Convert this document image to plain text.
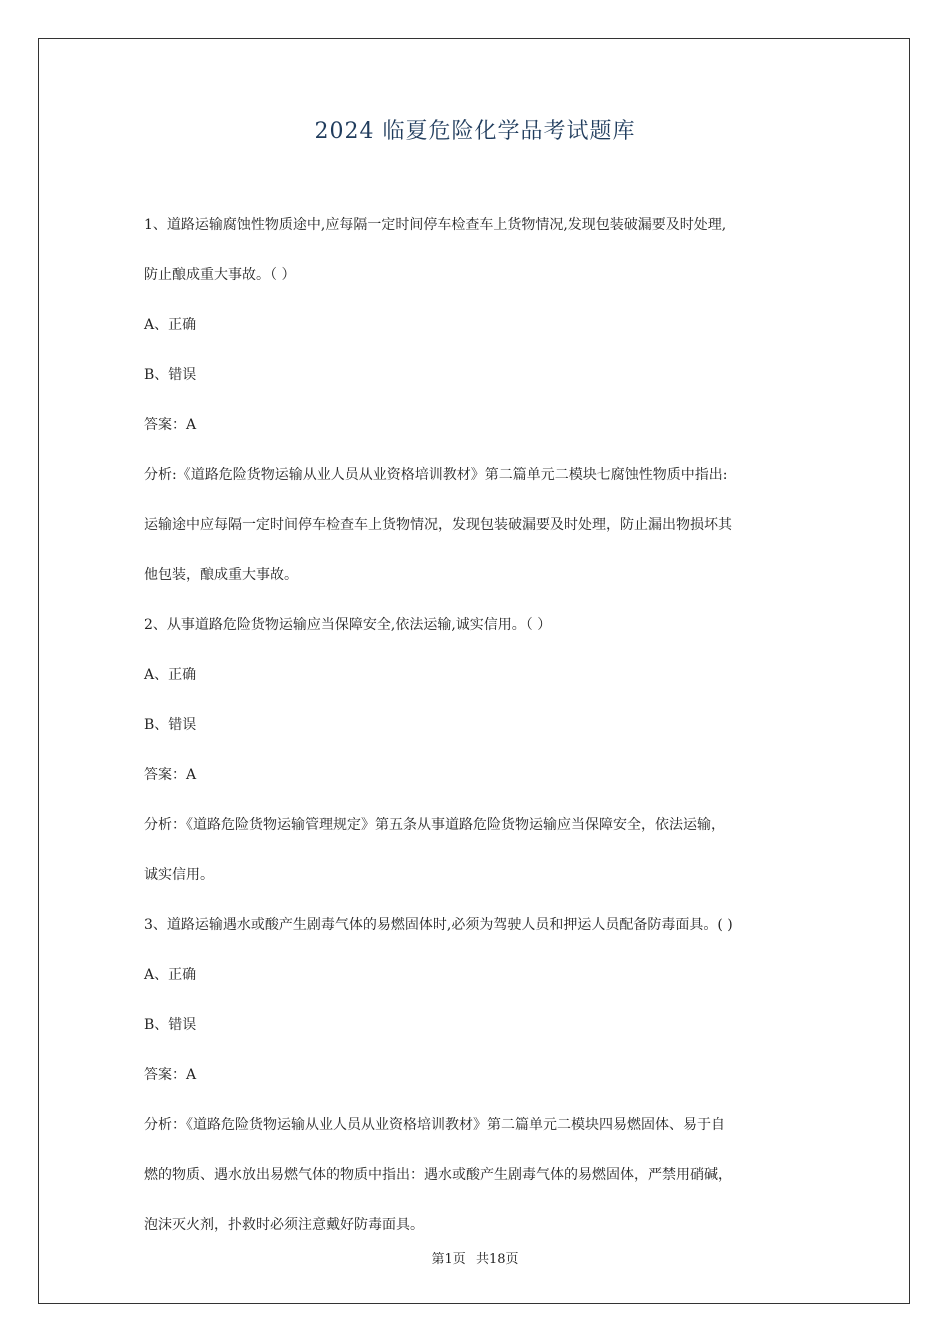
2024 临夏危险化学品考试题库
1、道路运输腐蚀性物质途中,应每隔一定时间停车检查车上货物情况,发现包装破漏要及时处理,
防止酿成重大事故。（ ）
A、正确
B、错误
答案：A
分析:《道路危险货物运输从业人员从业资格培训教材》第二篇单元二模块七腐蚀性物质中指出:
运输途中应每隔一定时间停车检查车上货物情况，发现包装破漏要及时处理，防止漏出物损坏其
他包装，酿成重大事故。
2、从事道路危险货物运输应当保障安全,依法运输,诚实信用。（ ）
A、正确
B、错误
答案：A
分析：《道路危险货物运输管理规定》第五条从事道路危险货物运输应当保障安全，依法运输，
诚实信用。
3、道路运输遇水或酸产生剧毒气体的易燃固体时,必须为驾驶人员和押运人员配备防毒面具。( )
A、正确
B、错误
答案：A
分析：《道路危险货物运输从业人员从业资格培训教材》第二篇单元二模块四易燃固体、易于自
燃的物质、遇水放出易燃气体的物质中指出：遇水或酸产生剧毒气体的易燃固体，严禁用硝碱，
泡沫灭火剂，扑救时必须注意戴好防毒面具。
第1页 共18页
